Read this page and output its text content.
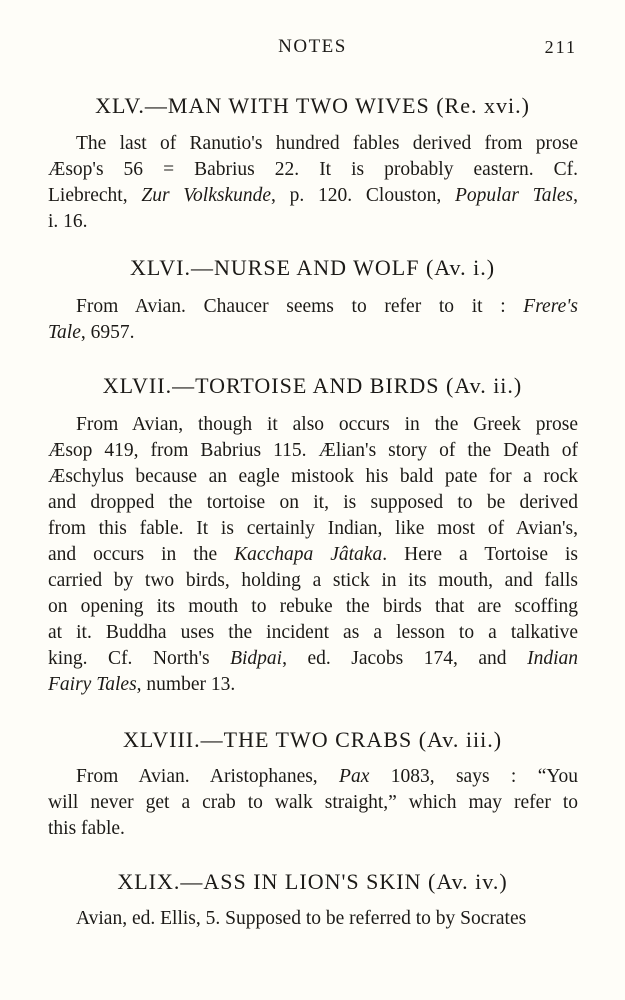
NOTES	211
XLV.—MAN WITH TWO WIVES (Re. xvi.)
The last of Ranutio's hundred fables derived from prose
Æsop's 56 = Babrius 22. It is probably eastern. Cf.
Liebrecht, Zur Volkskunde, p. 120. Clouston, Popular Tales,
i. 16.
XLVI.—NURSE AND WOLF (Av. i.)
From Avian. Chaucer seems to refer to it : Frere's
Tale, 6957.
XLVII.—TORTOISE AND BIRDS (Av. ii.)
From Avian, though it also occurs in the Greek prose
Æsop 419, from Babrius 115. Ælian's story of the Death of
Æschylus because an eagle mistook his bald pate for a rock
and dropped the tortoise on it, is supposed to be derived
from this fable. It is certainly Indian, like most of Avian's,
and occurs in the Kacchapa Jâtaka. Here a Tortoise is
carried by two birds, holding a stick in its mouth, and falls
on opening its mouth to rebuke the birds that are scoffing
at it. Buddha uses the incident as a lesson to a talkative
king. Cf. North's Bidpai, ed. Jacobs 174, and Indian
Fairy Tales, number 13.
XLVIII.—THE TWO CRABS (Av. iii.)
From Avian. Aristophanes, Pax 1083, says : “You
will never get a crab to walk straight,” which may refer to
this fable.
XLIX.—ASS IN LION'S SKIN (Av. iv.)
Avian, ed. Ellis, 5. Supposed to be referred to by Socrates
